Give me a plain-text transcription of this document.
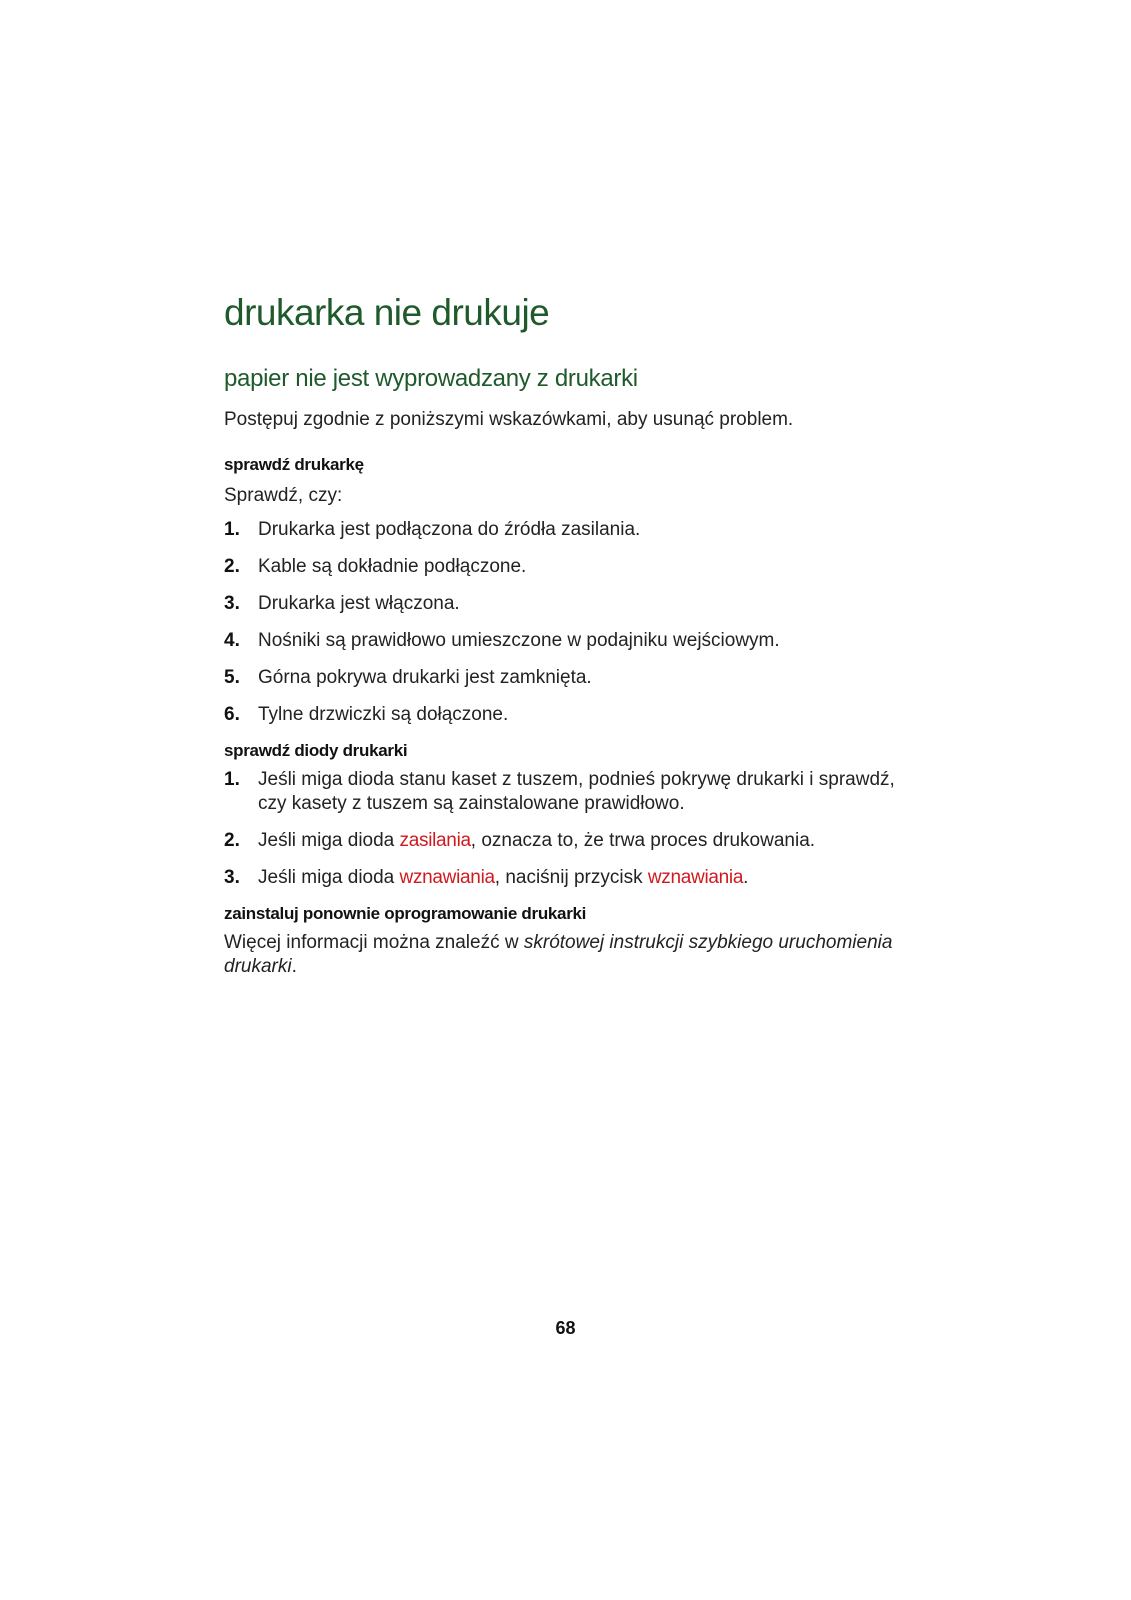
drukarka nie drukuje
papier nie jest wyprowadzany z drukarki

Postępuj zgodnie z poniższymi wskazówkami, aby usunąć problem.

sprawdź drukarkę

Sprawdź, czy:

1. Drukarka jest podłączona do źródła zasilania.
2. Kable są dokładnie podłączone.
3. Drukarka jest włączona.
4. Nośniki są prawidłowo umieszczone w podajniku wejściowym.
5. Górna pokrywa drukarki jest zamknięta.
6. Tylne drzwiczki są dołączone.
sprawdź diody drukarki
1. Jeśli miga dioda stanu kaset z tuszem, podnieś pokrywę drukarki i sprawdź, czy kasety z tuszem są zainstalowane prawidłowo.
2. Jeśli miga dioda zasilania, oznacza to, że trwa proces drukowania.
3. Jeśli miga dioda wznawiania, naciśnij przycisk wznawiania.
zainstaluj ponownie oprogramowanie drukarki

Więcej informacji można znaleźć w skrótowej instrukcji szybkiego uruchomienia drukarki.

68
